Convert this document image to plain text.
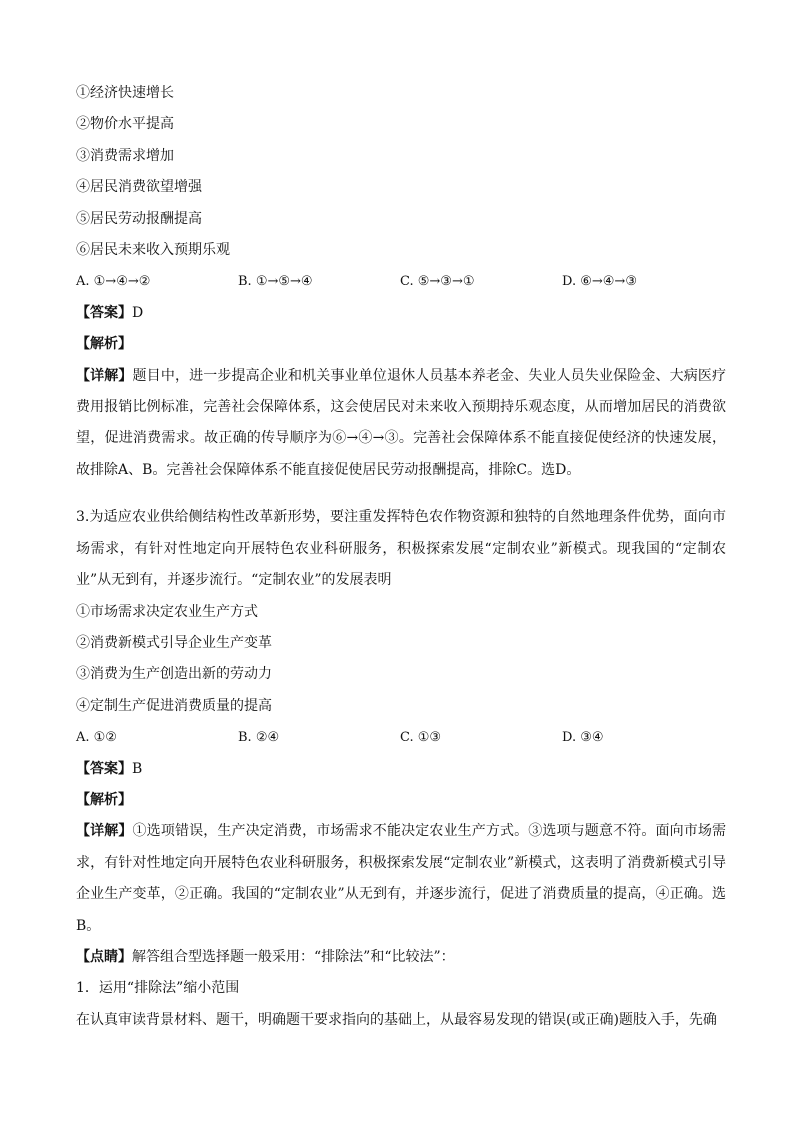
①经济快速增长
②物价水平提高
③消费需求增加
④居民消费欲望增强
⑤居民劳动报酬提高
⑥居民未来收入预期乐观
A. ①→④→②	B. ①→⑤→④	C. ⑤→③→①	D. ⑥→④→③
【答案】D
【解析】
【详解】题目中，进一步提高企业和机关事业单位退休人员基本养老金、失业人员失业保险金、大病医疗费用报销比例标准，完善社会保障体系，这会使居民对未来收入预期持乐观态度，从而增加居民的消费欲望，促进消费需求。故正确的传导顺序为⑥→④→③。完善社会保障体系不能直接促使经济的快速发展，故排除A、B。完善社会保障体系不能直接促使居民劳动报酬提高，排除C。选D。
3.为适应农业供给侧结构性改革新形势，要注重发挥特色农作物资源和独特的自然地理条件优势，面向市场需求，有针对性地定向开展特色农业科研服务，积极探索发展“定制农业”新模式。现我国的“定制农业”从无到有，并逐步流行。“定制农业”的发展表明
①市场需求决定农业生产方式
②消费新模式引导企业生产变革
③消费为生产创造出新的劳动力
④定制生产促进消费质量的提高
A. ①②	B. ②④	C. ①③	D. ③④
【答案】B
【解析】
【详解】①选项错误，生产决定消费，市场需求不能决定农业生产方式。③选项与题意不符。面向市场需求，有针对性地定向开展特色农业科研服务，积极探索发展“定制农业”新模式，这表明了消费新模式引导企业生产变革，②正确。我国的“定制农业”从无到有，并逐步流行，促进了消费质量的提高，④正确。选B。
【点睛】解答组合型选择题一般采用：“排除法”和“比较法”：
1．运用“排除法”缩小范围
在认真审读背景材料、题干，明确题干要求指向的基础上，从最容易发现的错误(或正确)题肢入手，先确
